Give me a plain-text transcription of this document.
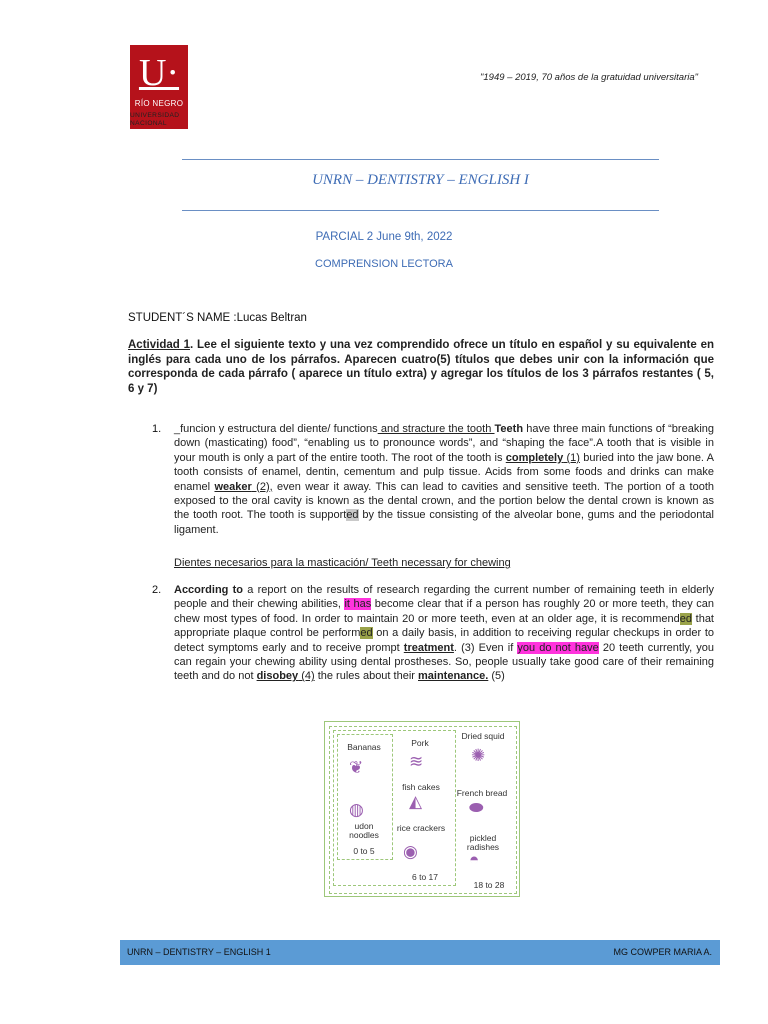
U·
RÍO NEGRO
UNIVERSIDAD
NACIONAL
"1949 – 2019, 70 años de la gratuidad universitaria"
UNRN – DENTISTRY – ENGLISH I
PARCIAL 2 June 9th, 2022
COMPRENSION LECTORA
STUDENT´S NAME :Lucas Beltran
Actividad 1. Lee el siguiente texto y una vez comprendido ofrece un título en español y su equivalente en inglés para cada uno de los párrafos. Aparecen cuatro(5) títulos que debes unir con la información que corresponda de cada párrafo ( aparece un título extra) y agregar los títulos de los 3 párrafos restantes ( 5, 6 y 7)
1. _funcion y estructura del diente/ functions and stracture the tooth Teeth have three main functions of “breaking down (masticating) food”, “enabling us to pronounce words”, and “shaping the face”.A tooth that is visible in your mouth is only a part of the entire tooth. The root of the tooth is completely (1) buried into the jaw bone. A tooth consists of enamel, dentin, cementum and pulp tissue. Acids from some foods and drinks can make enamel weaker (2), even wear it away. This can lead to cavities and sensitive teeth. The portion of a tooth exposed to the oral cavity is known as the dental crown, and the portion below the dental crown is known as the tooth root. The tooth is supported by the tissue consisting of the alveolar bone, gums and the periodontal ligament.
Dientes necesarios para la masticación/ Teeth necessary for chewing
2. According to a report on the results of research regarding the current number of remaining teeth in elderly people and their chewing abilities, it has become clear that if a person has roughly 20 or more teeth, they can chew most types of food. In order to maintain 20 or more teeth, even at an older age, it is recommended that appropriate plaque control be performed on a daily basis, in addition to receiving regular checkups in order to detect symptoms early and to receive prompt treatment. (3) Even if you do not have 20 teeth currently, you can regain your chewing ability using dental prostheses. So, people usually take good care of their remaining teeth and do not disobey (4) the rules about their maintenance. (5)
Bananas
❦
◍
udon noodles
0 to 5
Pork
≋
fish cakes
◭
rice crackers
◉
6 to 17
Dried squid
✺
French bread
⬬
pickled radishes
◓
18 to 28
UNRN – DENTISTRY – ENGLISH 1	MG COWPER MARIA A.
